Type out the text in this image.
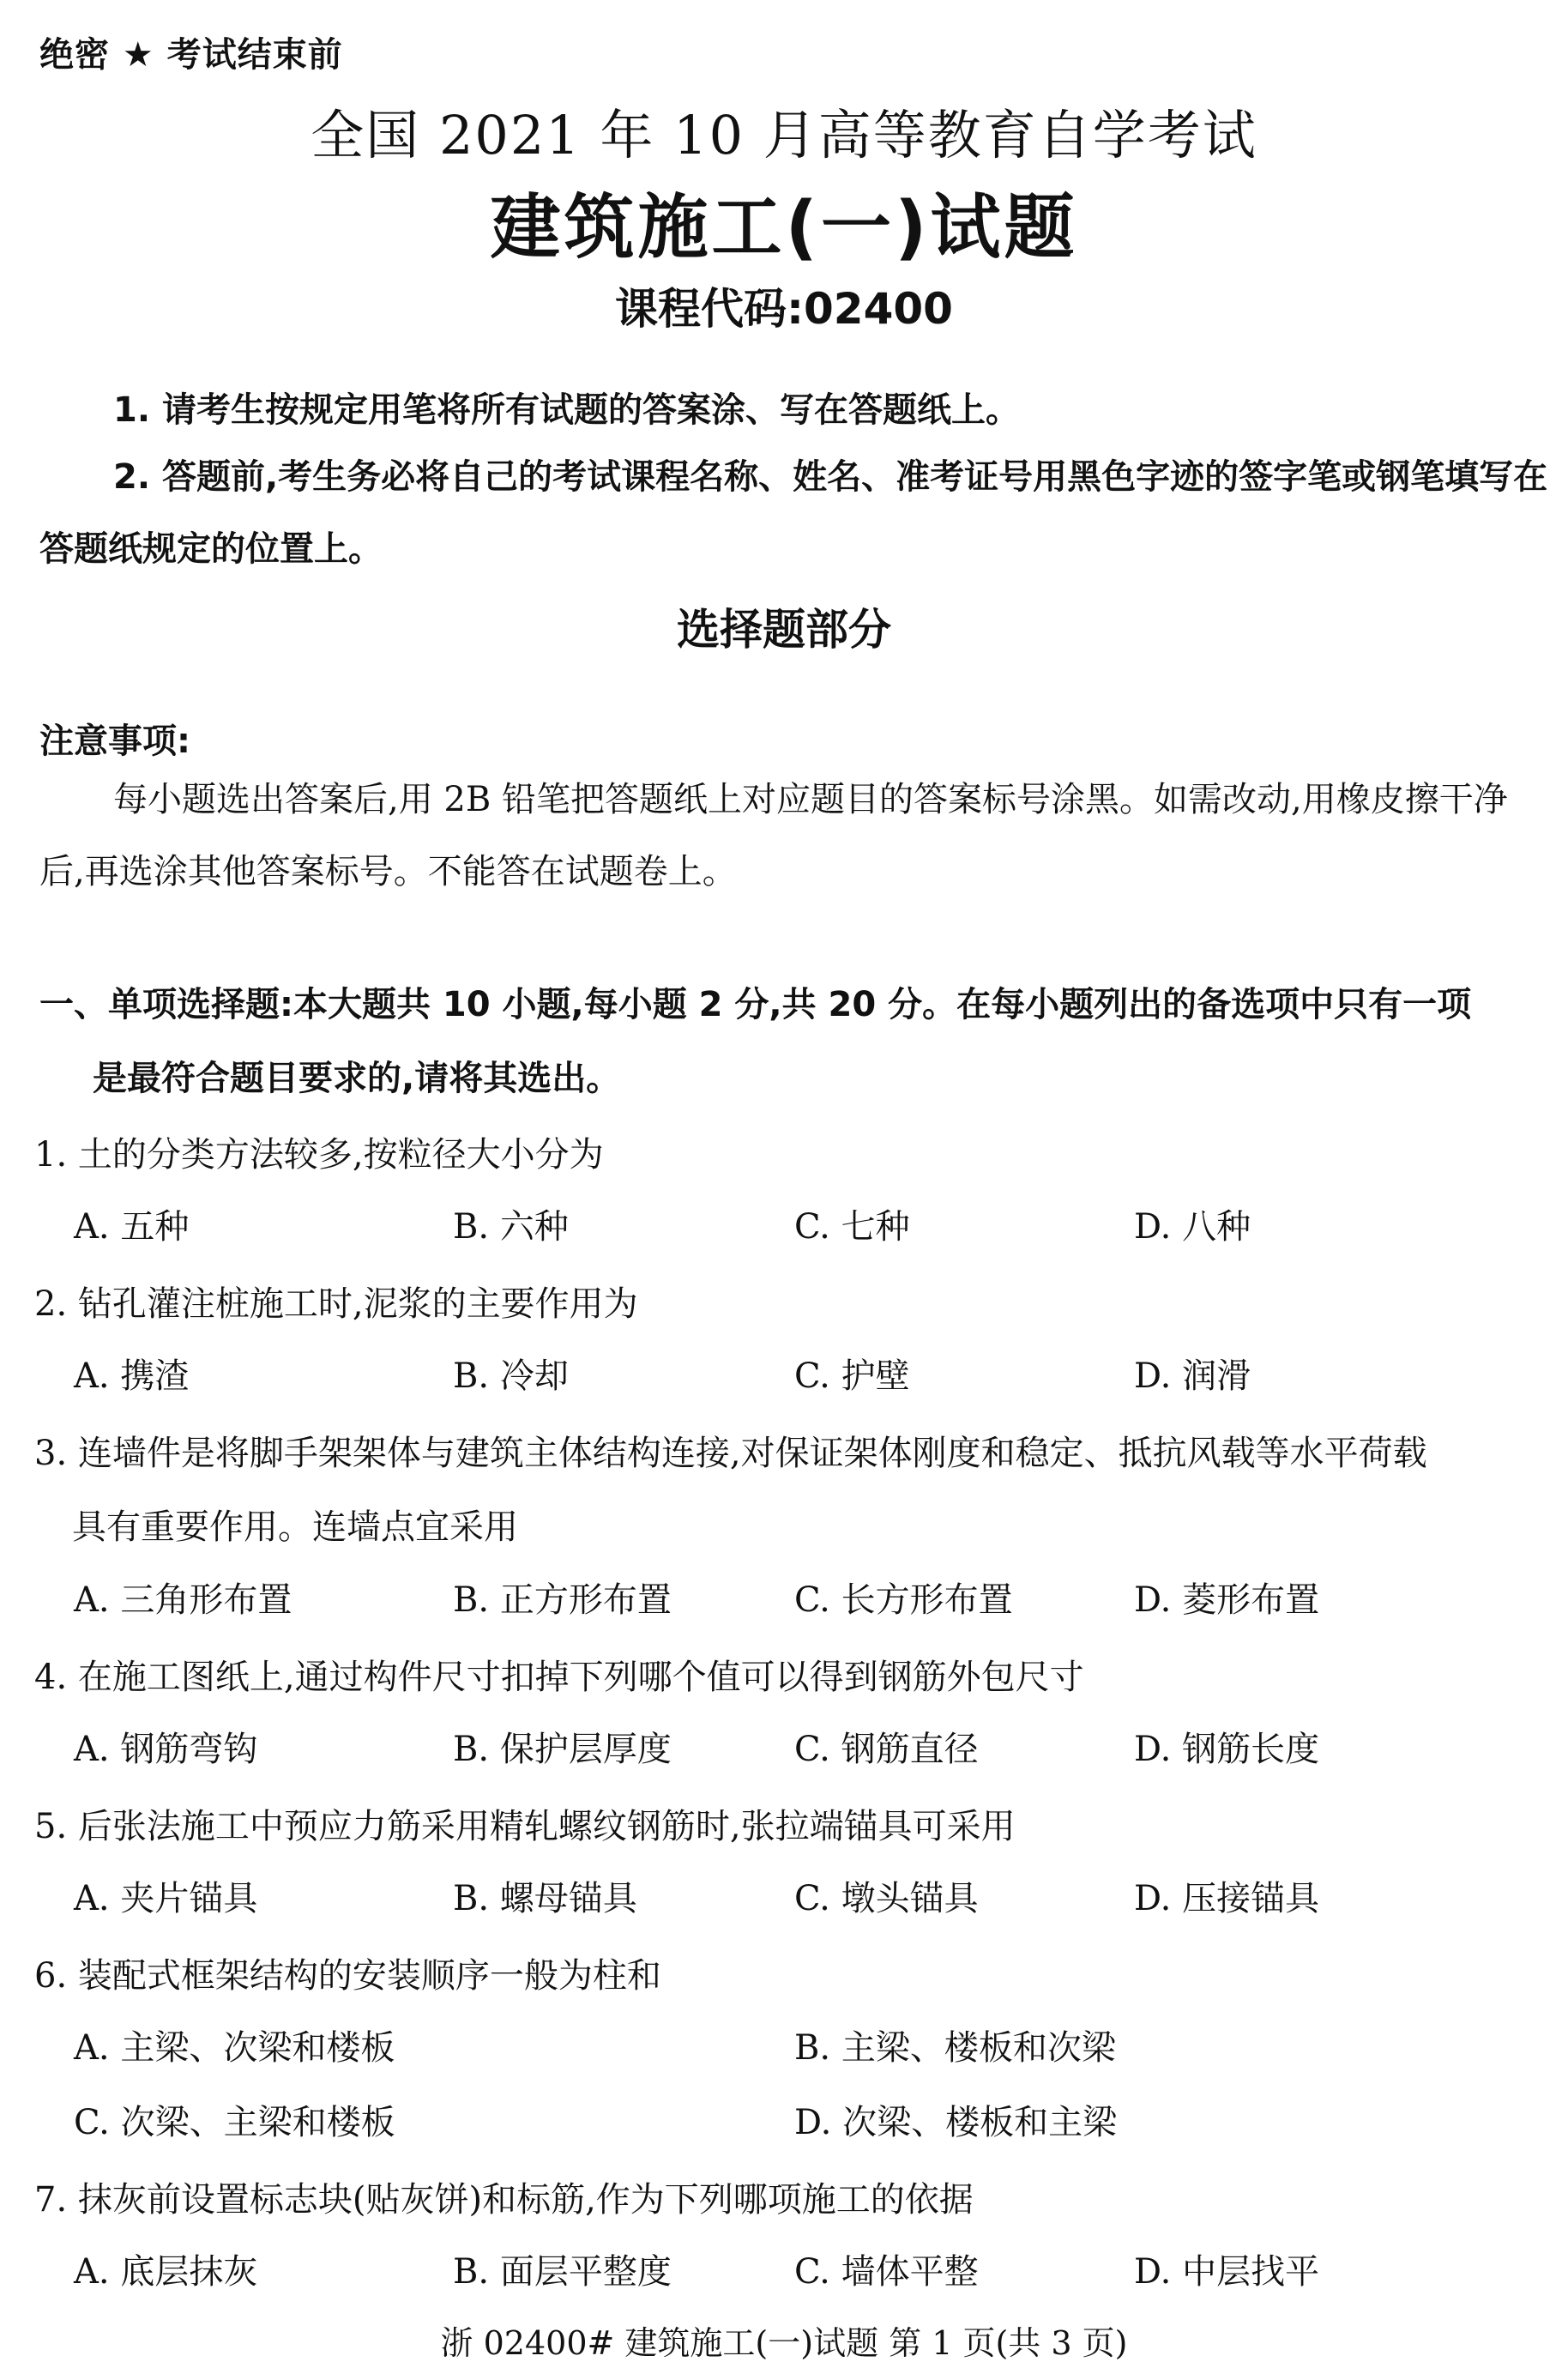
绝密 ★ 考试结束前
全国 2021 年 10 月高等教育自学考试
建筑施工(一)试题
课程代码:02400
1. 请考生按规定用笔将所有试题的答案涂、写在答题纸上。
2. 答题前,考生务必将自己的考试课程名称、姓名、准考证号用黑色字迹的签字笔或钢笔填写在答题纸规定的位置上。
选择题部分
注意事项:
每小题选出答案后,用 2B 铅笔把答题纸上对应题目的答案标号涂黑。如需改动,用橡皮擦干净后,再选涂其他答案标号。不能答在试题卷上。
一、单项选择题:本大题共 10 小题,每小题 2 分,共 20 分。在每小题列出的备选项中只有一项
是最符合题目要求的,请将其选出。
1. 土的分类方法较多,按粒径大小分为
A. 五种	B. 六种	C. 七种	D. 八种
2. 钻孔灌注桩施工时,泥浆的主要作用为
A. 携渣	B. 冷却	C. 护壁	D. 润滑
3. 连墙件是将脚手架架体与建筑主体结构连接,对保证架体刚度和稳定、抵抗风载等水平荷载
具有重要作用。连墙点宜采用
A. 三角形布置	B. 正方形布置	C. 长方形布置	D. 菱形布置
4. 在施工图纸上,通过构件尺寸扣掉下列哪个值可以得到钢筋外包尺寸
A. 钢筋弯钩	B. 保护层厚度	C. 钢筋直径	D. 钢筋长度
5. 后张法施工中预应力筋采用精轧螺纹钢筋时,张拉端锚具可采用
A. 夹片锚具	B. 螺母锚具	C. 墩头锚具	D. 压接锚具
6. 装配式框架结构的安装顺序一般为柱和
A. 主梁、次梁和楼板	B. 主梁、楼板和次梁
C. 次梁、主梁和楼板	D. 次梁、楼板和主梁
7. 抹灰前设置标志块(贴灰饼)和标筋,作为下列哪项施工的依据
A. 底层抹灰	B. 面层平整度	C. 墙体平整	D. 中层找平
浙 02400# 建筑施工(一)试题 第 1 页(共 3 页)
